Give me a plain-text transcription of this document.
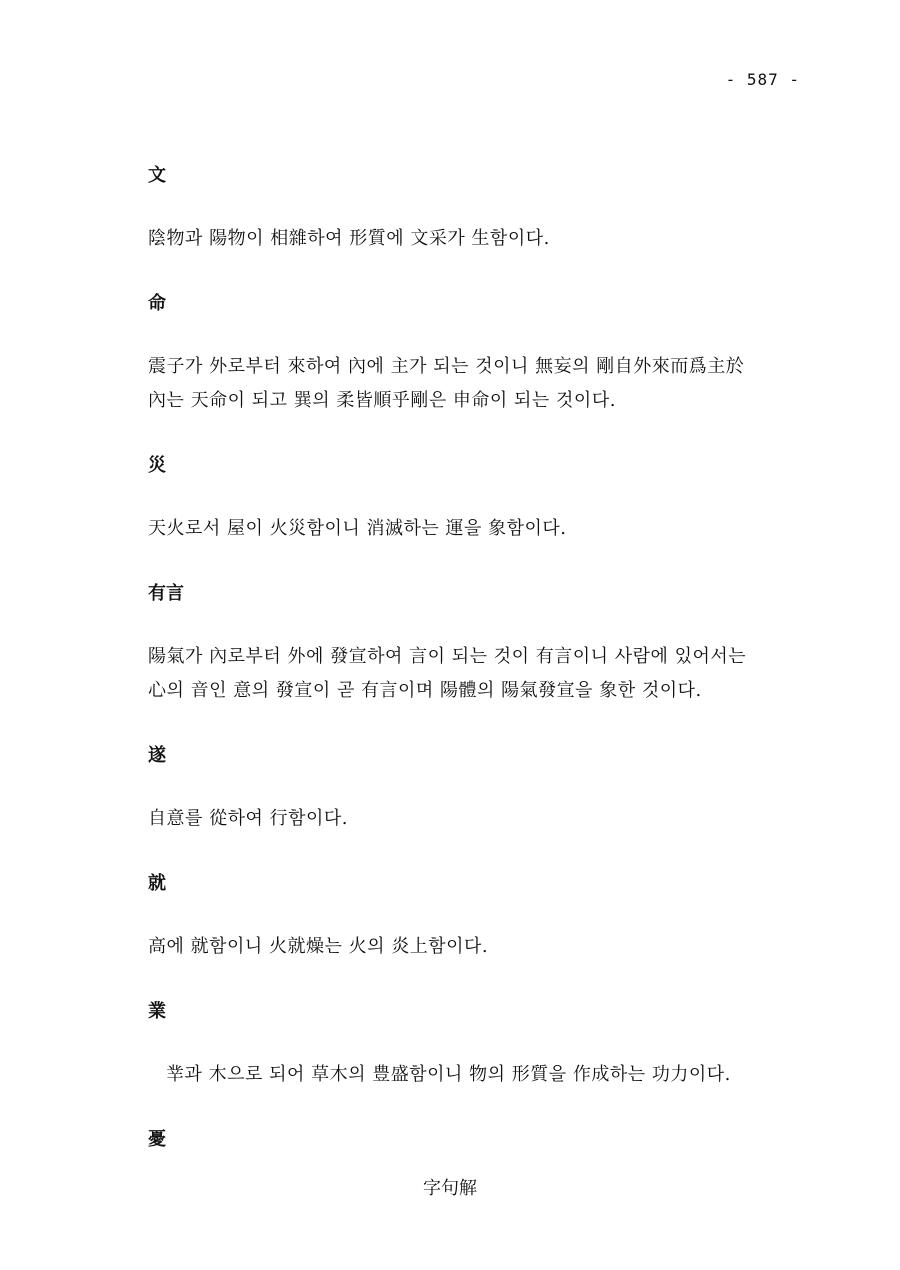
- 587 -
文
陰物과 陽物이 相雜하여 形質에 文采가 生함이다.
命
震子가 外로부터 來하여 內에 主가 되는 것이니 無妄의 剛自外來而爲主於
內는 天命이 되고 巽의 柔皆順乎剛은 申命이 되는 것이다.
災
天火로서 屋이 火災함이니 消滅하는 運을 象함이다.
有言
陽氣가 內로부터 外에 發宣하여 言이 되는 것이 有言이니 사람에 있어서는
心의 音인 意의 發宣이 곧 有言이며 陽體의 陽氣發宣을 象한 것이다.
遂
自意를 從하여 行함이다.
就
高에 就함이니 火就燥는 火의 炎上함이다.
業
丵과 木으로 되어 草木의 豊盛함이니 物의 形質을 作成하는 功力이다.
憂
字句解
